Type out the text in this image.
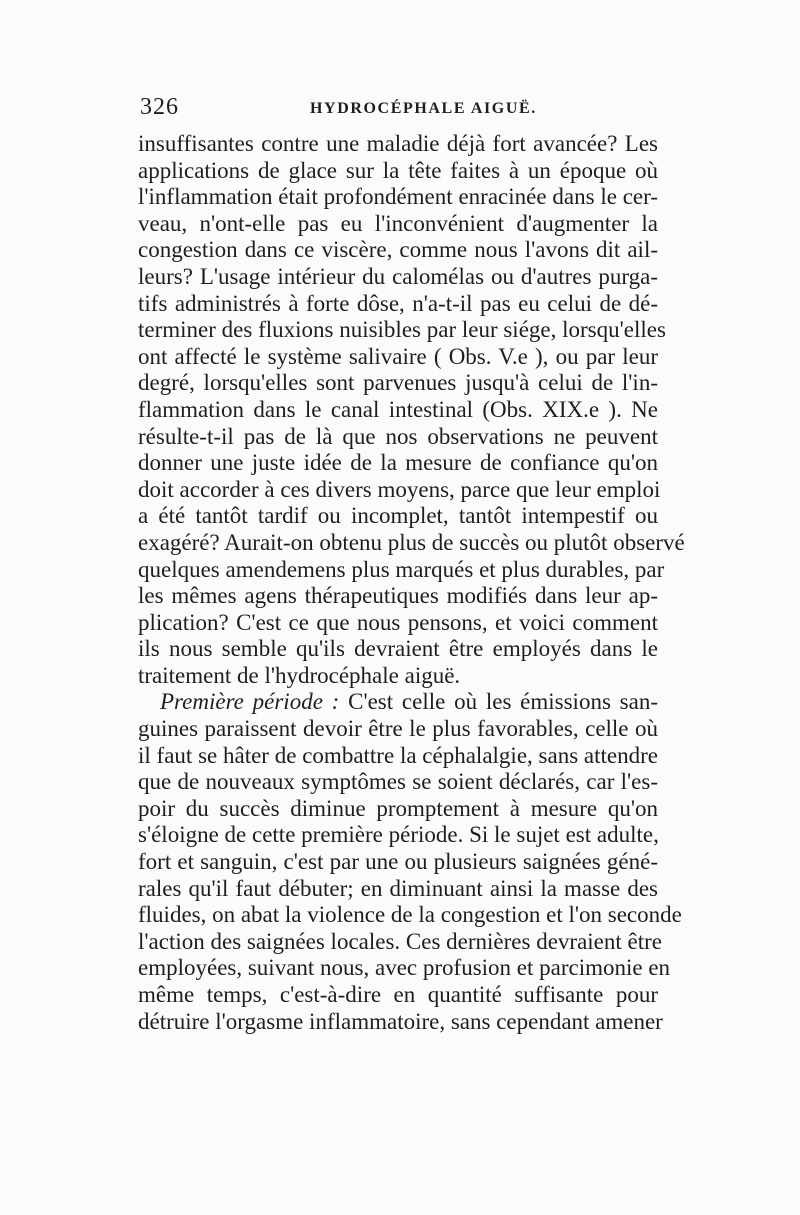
326	HYDROCÉPHALE AIGUË.
insuffisantes contre une maladie déjà fort avancée? Les
applications de glace sur la tête faites à un époque où
l'inflammation était profondément enracinée dans le cer-
veau, n'ont-elle pas eu l'inconvénient d'augmenter la
congestion dans ce viscère, comme nous l'avons dit ail-
leurs? L'usage intérieur du calomélas ou d'autres purga-
tifs administrés à forte dôse, n'a-t-il pas eu celui de dé-
terminer des fluxions nuisibles par leur siége, lorsqu'elles
ont affecté le système salivaire ( Obs. V.e ), ou par leur
degré, lorsqu'elles sont parvenues jusqu'à celui de l'in-
flammation dans le canal intestinal (Obs. XIX.e ). Ne
résulte-t-il pas de là que nos observations ne peuvent
donner une juste idée de la mesure de confiance qu'on
doit accorder à ces divers moyens, parce que leur emploi
a été tantôt tardif ou incomplet, tantôt intempestif ou
exagéré? Aurait-on obtenu plus de succès ou plutôt observé
quelques amendemens plus marqués et plus durables, par
les mêmes agens thérapeutiques modifiés dans leur ap-
plication? C'est ce que nous pensons, et voici comment
ils nous semble qu'ils devraient être employés dans le
traitement de l'hydrocéphale aiguë.
Première période : C'est celle où les émissions san-
guines paraissent devoir être le plus favorables, celle où
il faut se hâter de combattre la céphalalgie, sans attendre
que de nouveaux symptômes se soient déclarés, car l'es-
poir du succès diminue promptement à mesure qu'on
s'éloigne de cette première période. Si le sujet est adulte,
fort et sanguin, c'est par une ou plusieurs saignées géné-
rales qu'il faut débuter; en diminuant ainsi la masse des
fluides, on abat la violence de la congestion et l'on seconde
l'action des saignées locales. Ces dernières devraient être
employées, suivant nous, avec profusion et parcimonie en
même temps, c'est-à-dire en quantité suffisante pour
détruire l'orgasme inflammatoire, sans cependant amener
